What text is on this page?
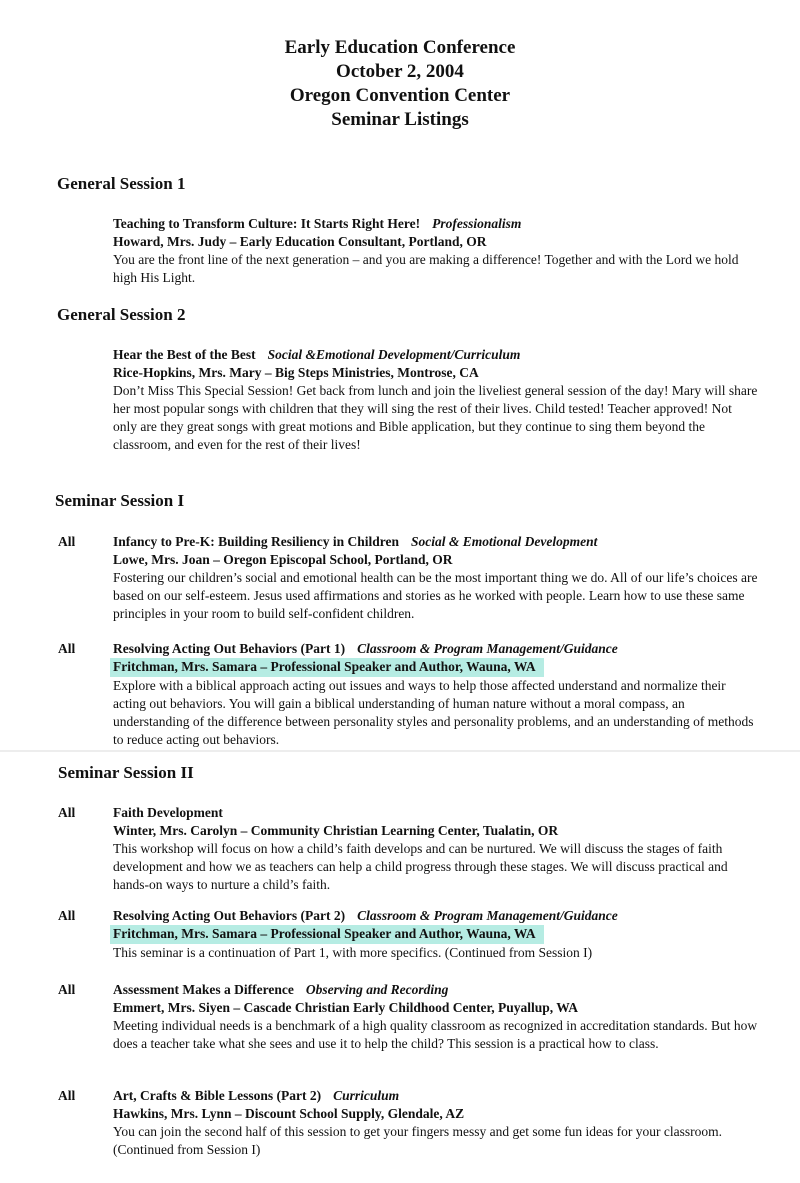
Early Education Conference
October 2, 2004
Oregon Convention Center
Seminar Listings
General Session 1
Teaching to Transform Culture: It Starts Right Here! Professionalism
Howard, Mrs. Judy – Early Education Consultant, Portland, OR
You are the front line of the next generation – and you are making a difference! Together and with the Lord we hold high His Light.
General Session 2
Hear the Best of the Best Social &Emotional Development/Curriculum
Rice-Hopkins, Mrs. Mary – Big Steps Ministries, Montrose, CA
Don’t Miss This Special Session! Get back from lunch and join the liveliest general session of the day! Mary will share her most popular songs with children that they will sing the rest of their lives. Child tested! Teacher approved! Not only are they great songs with great motions and Bible application, but they continue to sing them beyond the classroom, and even for the rest of their lives!
Seminar Session I
All	Infancy to Pre-K: Building Resiliency in Children Social & Emotional Development
Lowe, Mrs. Joan – Oregon Episcopal School, Portland, OR
Fostering our children’s social and emotional health can be the most important thing we do. All of our life’s choices are based on our self-esteem. Jesus used affirmations and stories as he worked with people. Learn how to use these same principles in your room to build self-confident children.
All	Resolving Acting Out Behaviors (Part 1) Classroom & Program Management/Guidance
Fritchman, Mrs. Samara – Professional Speaker and Author, Wauna, WA
Explore with a biblical approach acting out issues and ways to help those affected understand and normalize their acting out behaviors. You will gain a biblical understanding of human nature without a moral compass, an understanding of the difference between personality styles and personality problems, and an understanding of methods to reduce acting out behaviors.
Seminar Session II
All	Faith Development
Winter, Mrs. Carolyn – Community Christian Learning Center, Tualatin, OR
This workshop will focus on how a child’s faith develops and can be nurtured. We will discuss the stages of faith development and how we as teachers can help a child progress through these stages. We will discuss practical and hands-on ways to nurture a child’s faith.
All	Resolving Acting Out Behaviors (Part 2) Classroom & Program Management/Guidance
Fritchman, Mrs. Samara – Professional Speaker and Author, Wauna, WA
This seminar is a continuation of Part 1, with more specifics. (Continued from Session I)
All	Assessment Makes a Difference Observing and Recording
Emmert, Mrs. Siyen – Cascade Christian Early Childhood Center, Puyallup, WA
Meeting individual needs is a benchmark of a high quality classroom as recognized in accreditation standards. But how does a teacher take what she sees and use it to help the child? This session is a practical how to class.
All	Art, Crafts & Bible Lessons (Part 2) Curriculum
Hawkins, Mrs. Lynn – Discount School Supply, Glendale, AZ
You can join the second half of this session to get your fingers messy and get some fun ideas for your classroom. (Continued from Session I)
